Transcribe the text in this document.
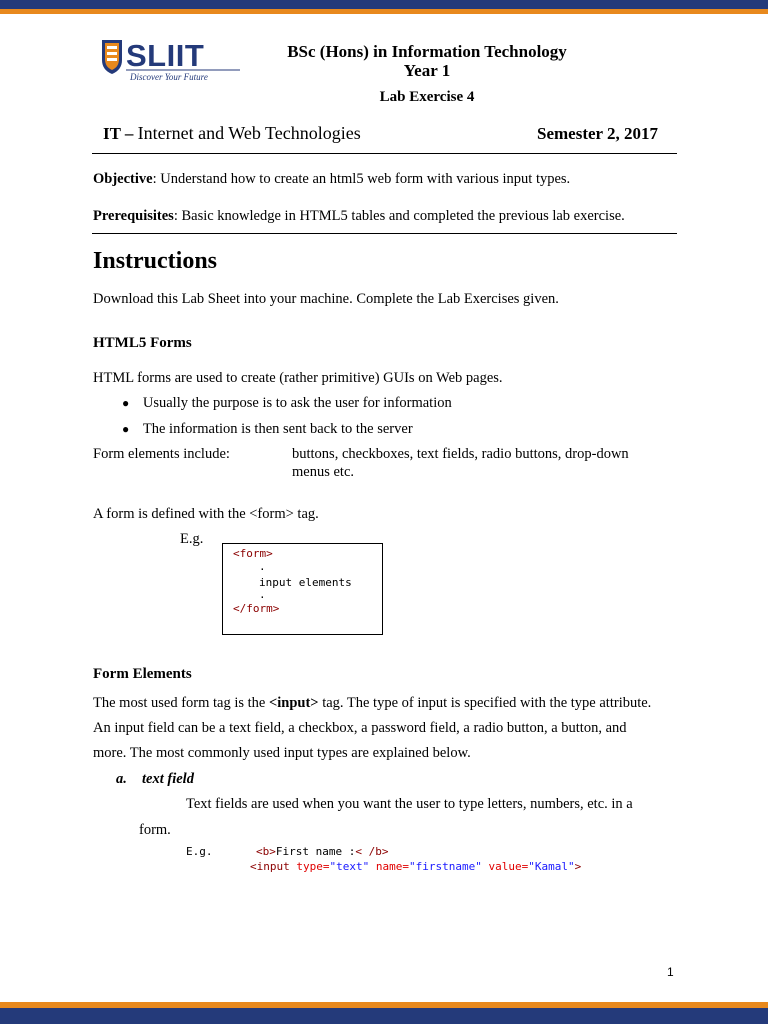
SLIIT
Discover Your Future
BSc (Hons) in Information Technology
Year 1
Lab Exercise 4
IT – Internet and Web Technologies	Semester 2, 2017
Objective: Understand how to create an html5 web form with various input types.
Prerequisites: Basic knowledge in HTML5 tables and completed the previous lab exercise.
Instructions
Download this Lab Sheet into your machine. Complete the Lab Exercises given.
HTML5 Forms
HTML forms are used to create (rather primitive) GUIs on Web pages.
● Usually the purpose is to ask the user for information
● The information is then sent back to the server
Form elements include:	buttons, checkboxes, text fields, radio buttons, drop-down
menus etc.
A form is defined with the <form> tag.
E.g.
<form>
.
input elements
.
</form>
Form Elements
The most used form tag is the <input> tag. The type of input is specified with the type attribute.
An input field can be a text field, a checkbox, a password field, a radio button, a button, and
more. The most commonly used input types are explained below.
a. text field
Text fields are used when you want the user to type letters, numbers, etc. in a
form.
E.g.	<b>First name :< /b>
<input type="text" name="firstname" value="Kamal">
1
